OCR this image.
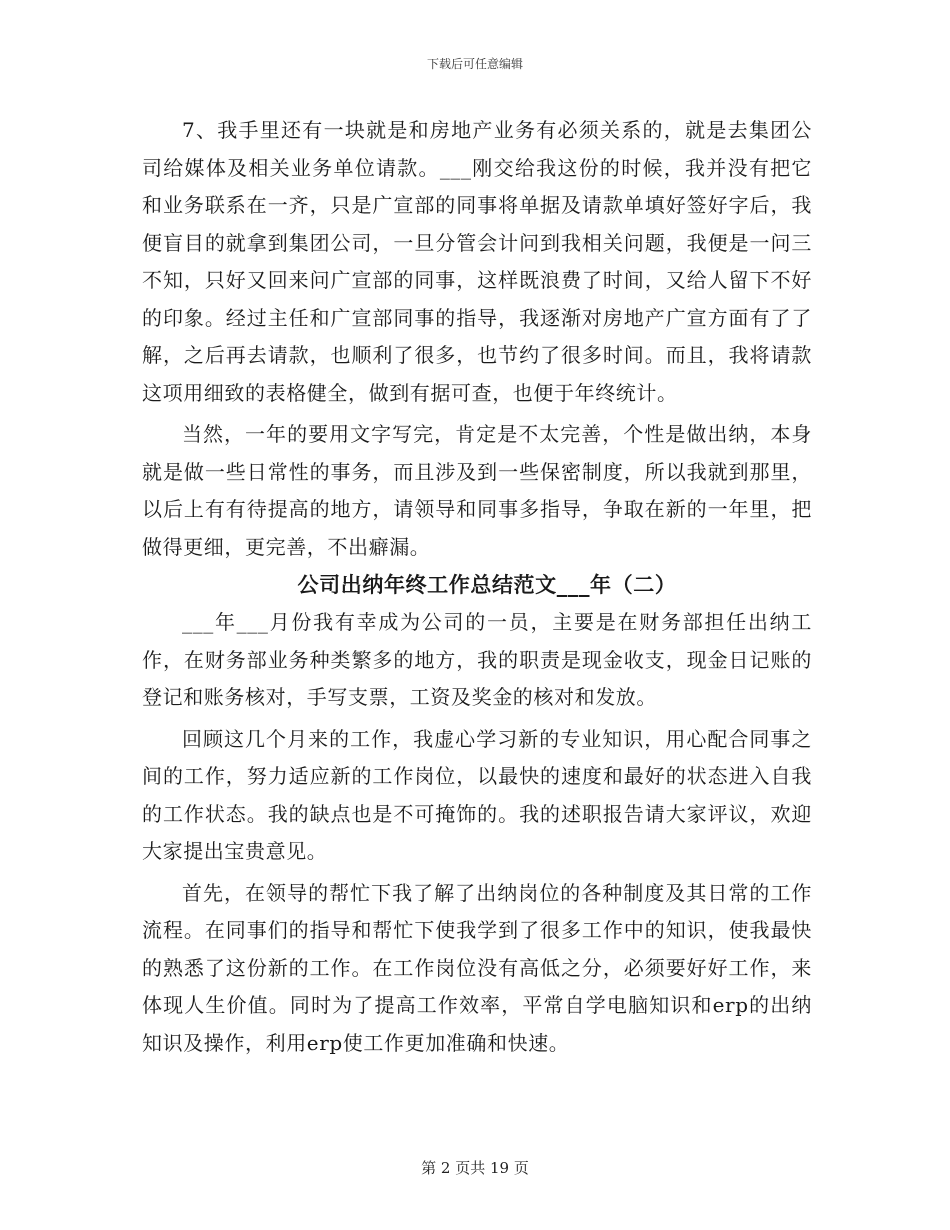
下载后可任意编辑

7、我手里还有一块就是和房地产业务有必须关系的，就是去集团公司给媒体及相关业务单位请款。___刚交给我这份的时候，我并没有把它和业务联系在一齐，只是广宣部的同事将单据及请款单填好签好字后，我便盲目的就拿到集团公司，一旦分管会计问到我相关问题，我便是一问三不知，只好又回来问广宣部的同事，这样既浪费了时间，又给人留下不好的印象。经过主任和广宣部同事的指导，我逐渐对房地产广宣方面有了了解，之后再去请款，也顺利了很多，也节约了很多时间。而且，我将请款这项用细致的表格健全，做到有据可查，也便于年终统计。

当然，一年的要用文字写完，肯定是不太完善，个性是做出纳，本身就是做一些日常性的事务，而且涉及到一些保密制度，所以我就到那里，以后上有有待提高的地方，请领导和同事多指导，争取在新的一年里，把做得更细，更完善，不出癖漏。

公司出纳年终工作总结范文___年（二）

___年___月份我有幸成为公司的一员，主要是在财务部担任出纳工作，在财务部业务种类繁多的地方，我的职责是现金收支，现金日记账的登记和账务核对，手写支票，工资及奖金的核对和发放。

回顾这几个月来的工作，我虚心学习新的专业知识，用心配合同事之间的工作，努力适应新的工作岗位，以最快的速度和最好的状态进入自我的工作状态。我的缺点也是不可掩饰的。我的述职报告请大家评议，欢迎大家提出宝贵意见。

首先，在领导的帮忙下我了解了出纳岗位的各种制度及其日常的工作流程。在同事们的指导和帮忙下使我学到了很多工作中的知识，使我最快的熟悉了这份新的工作。在工作岗位没有高低之分，必须要好好工作，来体现人生价值。同时为了提高工作效率，平常自学电脑知识和erp的出纳知识及操作，利用erp使工作更加准确和快速。

第 2 页共 19 页
